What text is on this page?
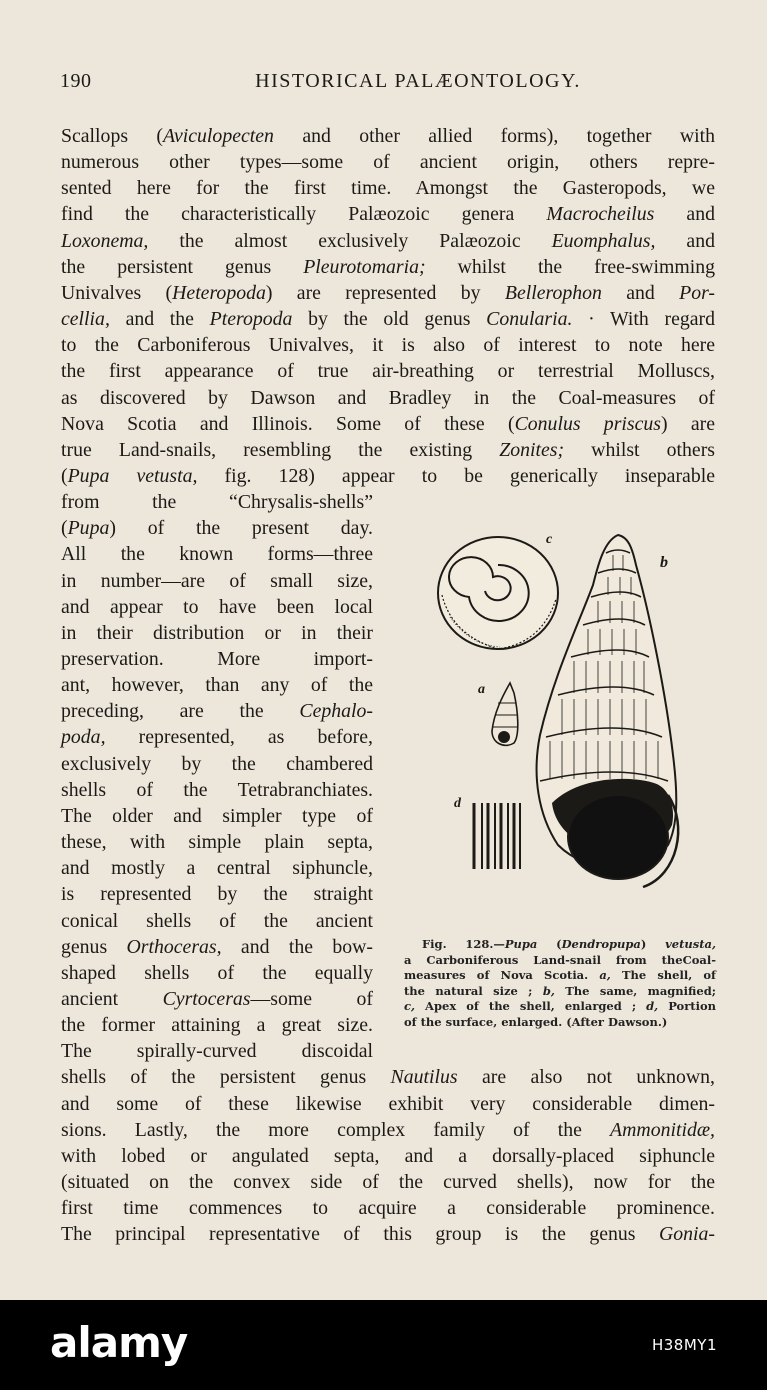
190	HISTORICAL PALÆONTOLOGY.
Scallops (Aviculopecten and other allied forms), together with
numerous other types—some of ancient origin, others repre-
sented here for the first time. Amongst the Gasteropods, we
find the characteristically Palæozoic genera Macrocheilus and
Loxonema, the almost exclusively Palæozoic Euomphalus, and
the persistent genus Pleurotomaria; whilst the free-swimming
Univalves (Heteropoda) are represented by Bellerophon and Por-
cellia, and the Pteropoda by the old genus Conularia. · With regard
to the Carboniferous Univalves, it is also of interest to note here
the first appearance of true air-breathing or terrestrial Molluscs,
as discovered by Dawson and Bradley in the Coal-measures of
Nova Scotia and Illinois. Some of these (Conulus priscus) are
true Land-snails, resembling the existing Zonites; whilst others
(Pupa vetusta, fig. 128) appear to be generically inseparable
from the “Chrysalis-shells”
(Pupa) of the present day.
All the known forms—three
in number—are of small size,
and appear to have been local
in their distribution or in their
preservation. More import-
ant, however, than any of the
preceding, are the Cephalo-
poda, represented, as before,
exclusively by the chambered
shells of the Tetrabranchiates.
The older and simpler type of
these, with simple plain septa,
and mostly a central siphuncle,
is represented by the straight
conical shells of the ancient
genus Orthoceras, and the bow-
shaped shells of the equally
ancient Cyrtoceras—some of
the former attaining a great size.
The spirally-curved discoidal
shells of the persistent genus Nautilus are also not unknown,
and some of these likewise exhibit very considerable dimen-
sions. Lastly, the more complex family of the Ammonitidæ,
with lobed or angulated septa, and a dorsally-placed siphuncle
(situated on the convex side of the curved shells), now for the
first time commences to acquire a considerable prominence.
The principal representative of this group is the genus Gonia-
c
b
a
d
Fig. 128.—Pupa (Dendropupa) vetusta,
a Carboniferous Land-snail from theCoal-
measures of Nova Scotia. a, The shell, of
the natural size ; b, The same, magnified;
c, Apex of the shell, enlarged ; d, Portion
of the surface, enlarged. (After Dawson.)
alamy	H38MY1
